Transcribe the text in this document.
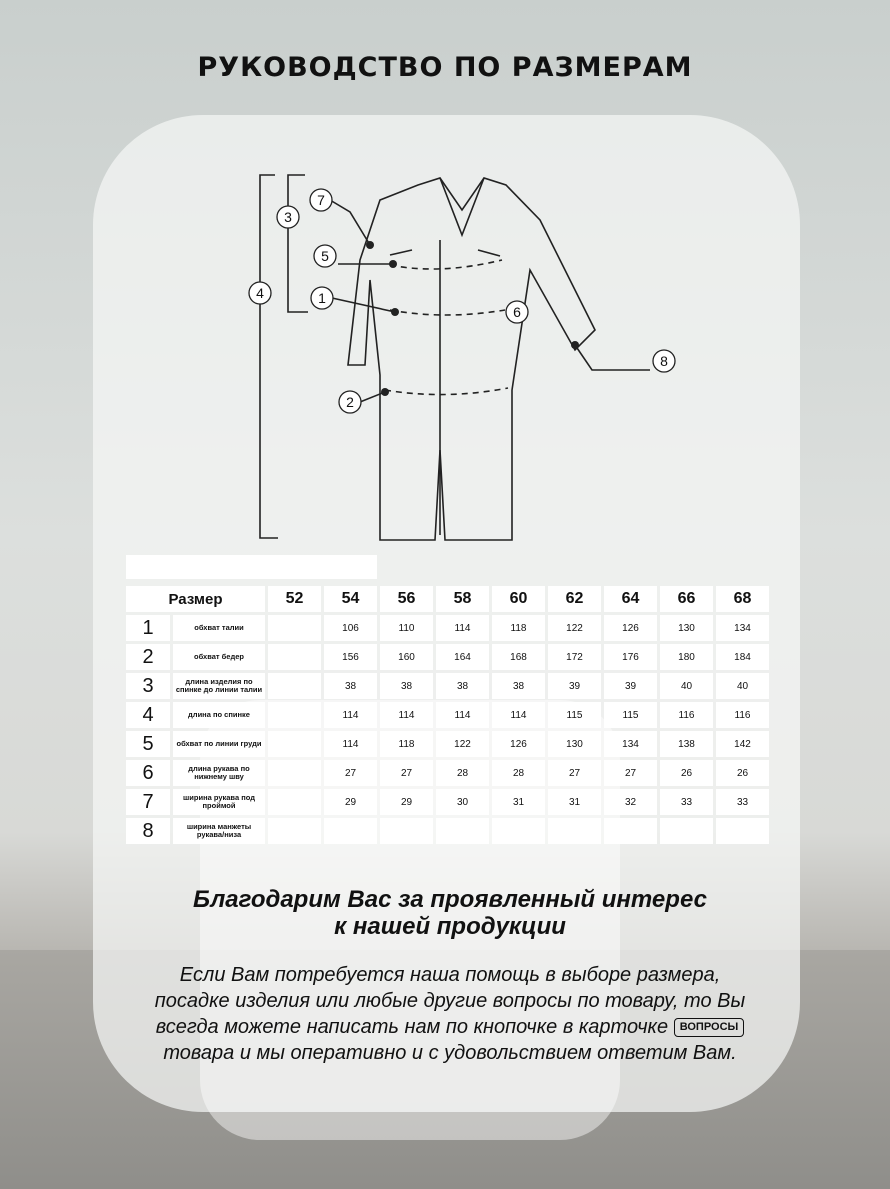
РУКОВОДСТВО ПО РАЗМЕРАМ
1
2
3
4
5
6
7
8
Размер		52	54	56	58	60	62	64	66	68
1	обхват талии		106	110	114	118	122	126	130	134
2	обхват бедер		156	160	164	168	172	176	180	184
3	длина изделия по спинке до линии талии		38	38	38	38	39	39	40	40
4	длина по спинке		114	114	114	114	115	115	116	116
5	обхват по линии груди		114	118	122	126	130	134	138	142
6	длина рукава по нижнему шву		27	27	28	28	27	27	26	26
7	ширина рукава под проймой		29	29	30	31	31	32	33	33
8	ширина манжеты рукава/низа									
Благодарим Вас за проявленный интерес
к нашей продукции
Если Вам потребуется наша помощь в выборе размера, посадке изделия или любые другие вопросы по товару, то Вы всегда можете написать нам по кнопочке в карточке ВОПРОСЫ товара и мы оперативно и с удовольствием ответим Вам.
